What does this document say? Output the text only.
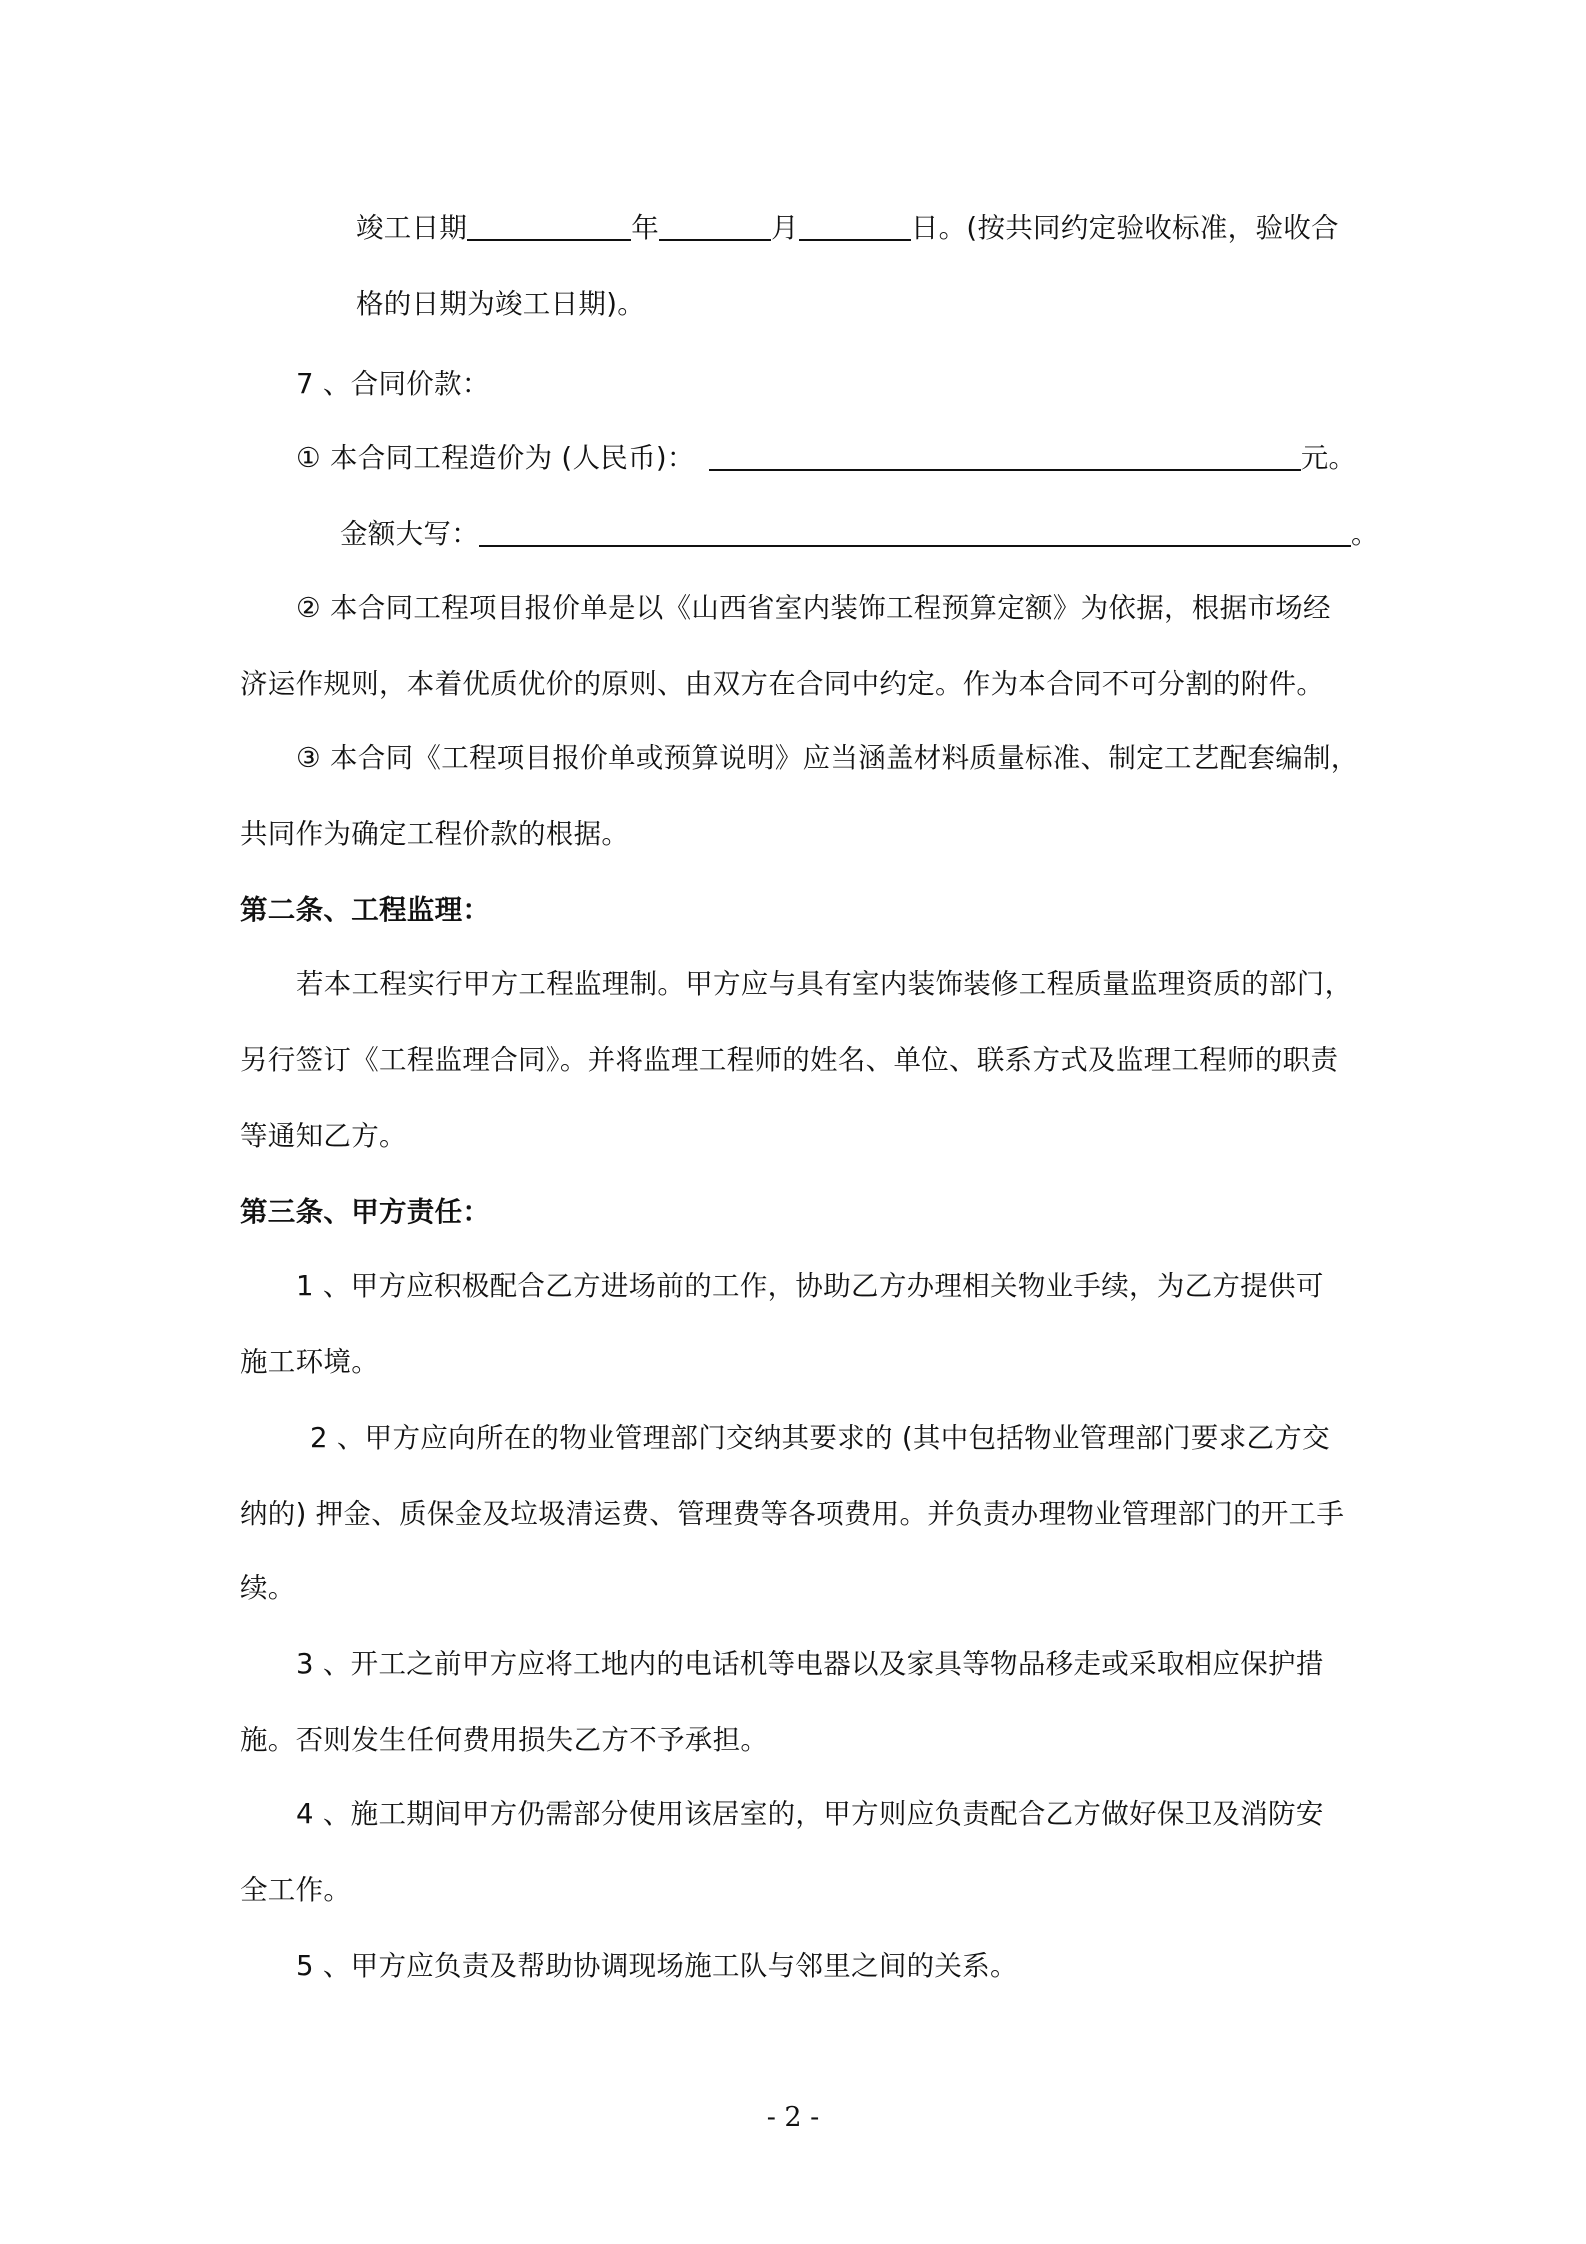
竣工日期	年	月	日。(按共同约定验收标准，验收合
格的日期为竣工日期)。
7 、合同价款：
① 本合同工程造价为 (人民币)：	元。
金额大写：	。
② 本合同工程项目报价单是以《山西省室内装饰工程预算定额》为依据，根据市场经
济运作规则，本着优质优价的原则、由双方在合同中约定。作为本合同不可分割的附件。
③ 本合同《工程项目报价单或预算说明》应当涵盖材料质量标准、制定工艺配套编制，
共同作为确定工程价款的根据。
第二条、工程监理：
若本工程实行甲方工程监理制。甲方应与具有室内装饰装修工程质量监理资质的部门，
另行签订《工程监理合同》。并将监理工程师的姓名、单位、联系方式及监理工程师的职责
等通知乙方。
第三条、甲方责任：
1 、甲方应积极配合乙方进场前的工作，协助乙方办理相关物业手续，为乙方提供可
施工环境。
2 、甲方应向所在的物业管理部门交纳其要求的 (其中包括物业管理部门要求乙方交
纳的) 押金、质保金及垃圾清运费、管理费等各项费用。并负责办理物业管理部门的开工手
续。
3 、开工之前甲方应将工地内的电话机等电器以及家具等物品移走或采取相应保护措
施。否则发生任何费用损失乙方不予承担。
4 、施工期间甲方仍需部分使用该居室的，甲方则应负责配合乙方做好保卫及消防安
全工作。
5 、甲方应负责及帮助协调现场施工队与邻里之间的关系。
- 2 -
